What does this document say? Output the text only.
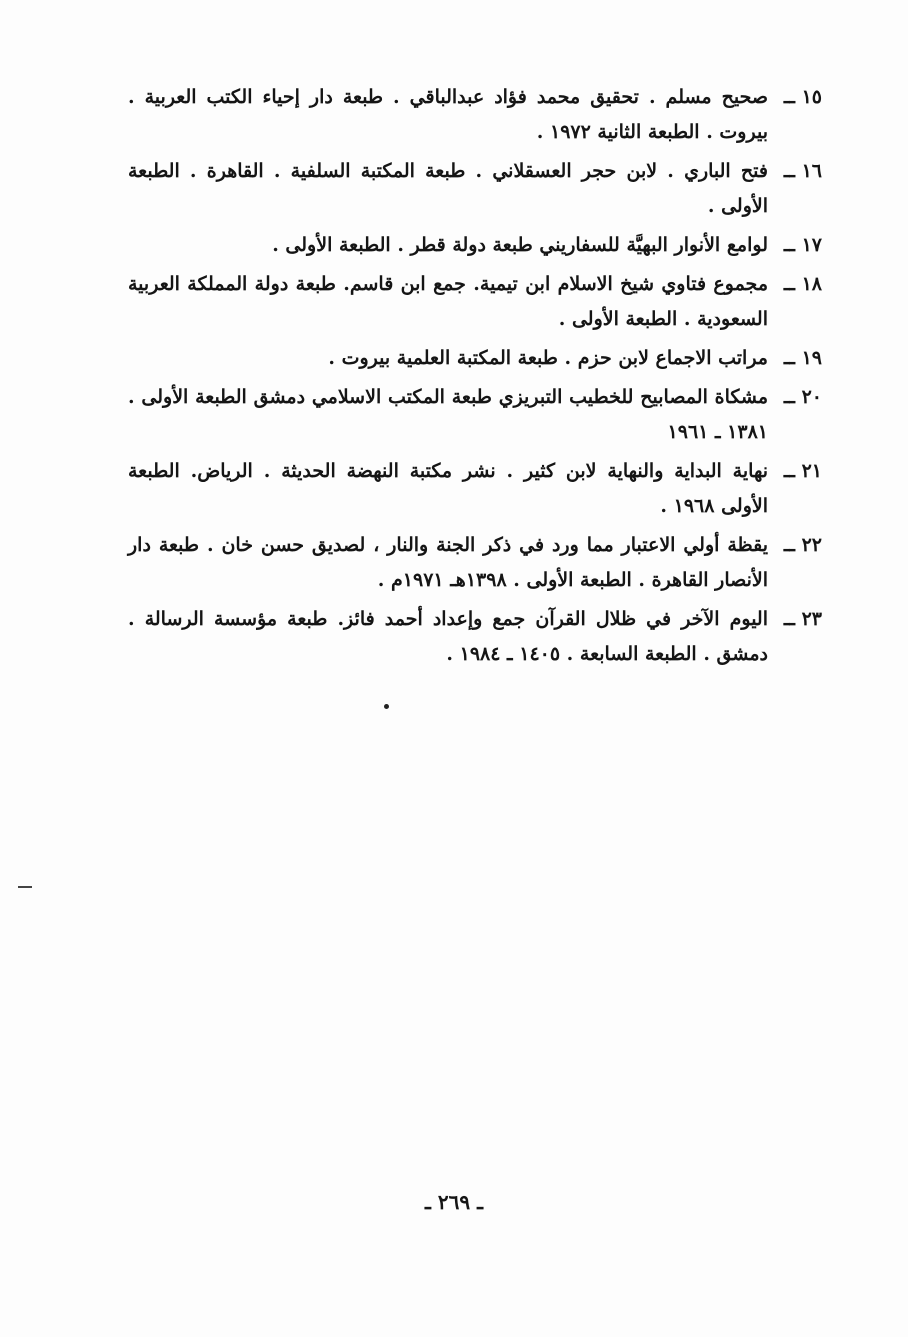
١٥ ــ
صحيح مسلم . تحقيق محمد فؤاد عبدالباقي . طبعة دار إحياء الكتب العربية . بيروت . الطبعة الثانية ١٩٧٢ .
١٦ ــ
فتح الباري . لابن حجر العسقلاني . طبعة المكتبة السلفية . القاهرة . الطبعة الأولى .
١٧ ــ
لوامع الأنوار البهيَّة للسفاريني طبعة دولة قطر . الطبعة الأولى .
١٨ ــ
مجموع فتاوي شيخ الاسلام ابن تيمية. جمع ابن قاسم. طبعة دولة المملكة العربية السعودية . الطبعة الأولى .
١٩ ــ
مراتب الاجماع لابن حزم . طبعة المكتبة العلمية بيروت .
٢٠ ــ
مشكاة المصابيح للخطيب التبريزي طبعة المكتب الاسلامي دمشق الطبعة الأولى . ١٣٨١ ـ ١٩٦١
٢١ ــ
نهاية البداية والنهاية لابن كثير . نشر مكتبة النهضة الحديثة . الرياض. الطبعة الأولى ١٩٦٨ .
٢٢ ــ
يقظة أولي الاعتبار مما ورد في ذكر الجنة والنار ، لصديق حسن خان . طبعة دار الأنصار القاهرة . الطبعة الأولى . ١٣٩٨هـ ١٩٧١م .
٢٣ ــ
اليوم الآخر في ظلال القرآن جمع وإعداد أحمد فائز. طبعة مؤسسة الرسالة . دمشق . الطبعة السابعة . ١٤٠٥ ـ ١٩٨٤ .
ـ ٢٦٩ ـ
